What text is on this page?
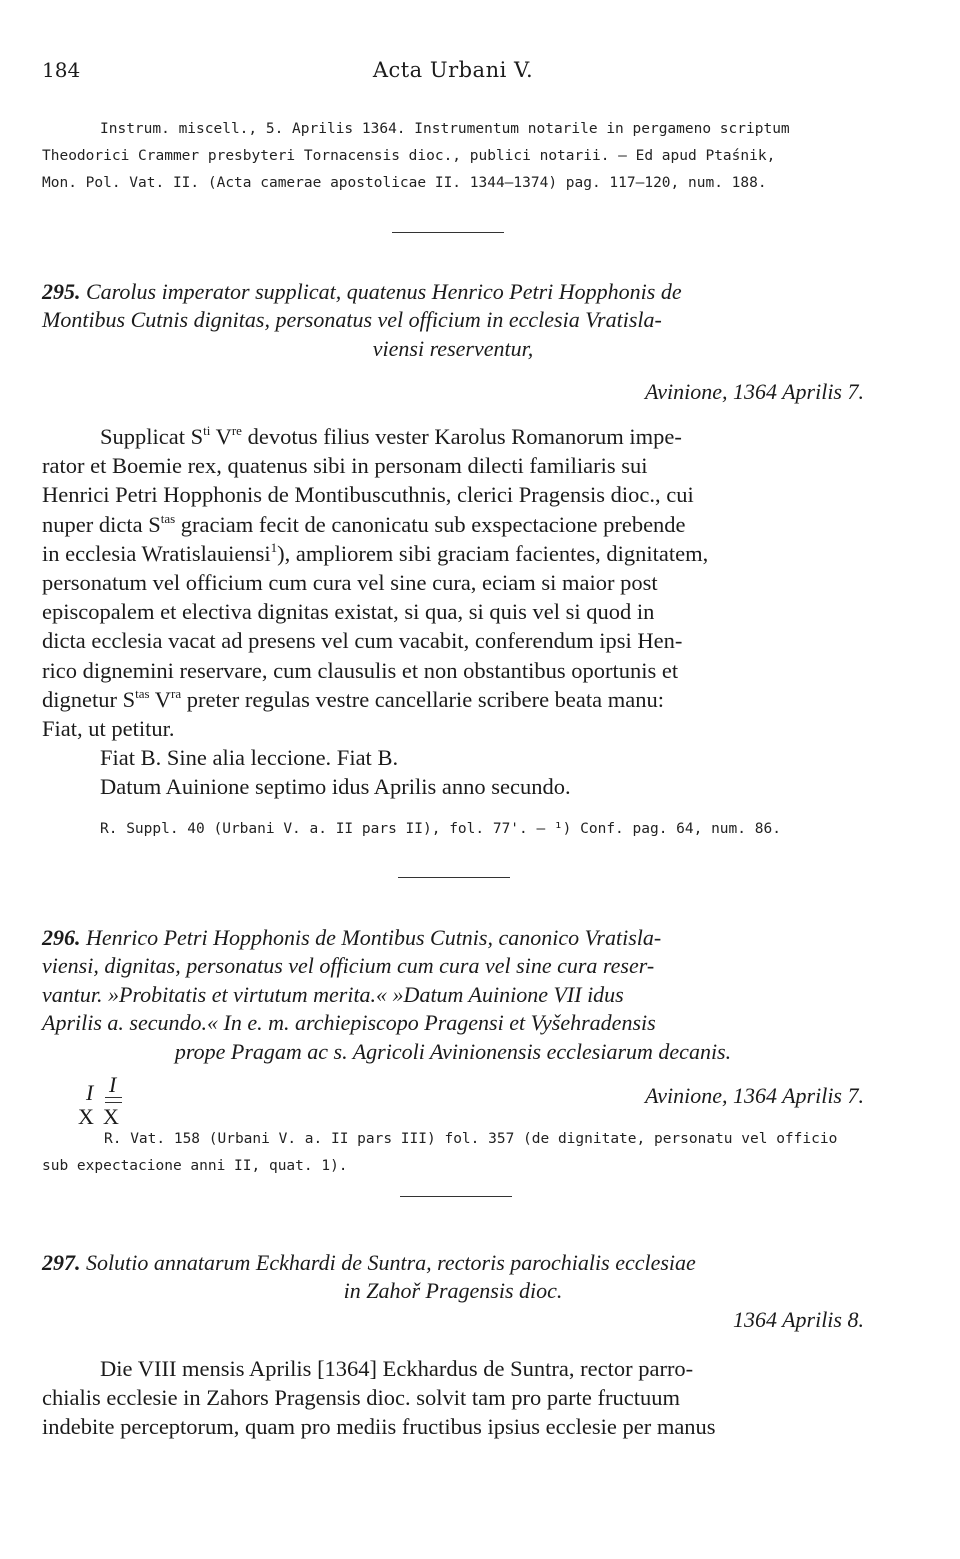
184	Acta Urbani V.
Instrum. miscell., 5. Aprilis 1364. Instrumentum notarile in pergameno scriptum
Theodorici Crammer presbyteri Tornacensis dioc., publici notarii. — Ed apud Ptaśnik,
Mon. Pol. Vat. II. (Acta camerae apostolicae II. 1344—1374) pag. 117—120, num. 188.
295. Carolus imperator supplicat, quatenus Henrico Petri Hopphonis de
Montibus Cutnis dignitas, personatus vel officium in ecclesia Vratisla-
viensi reserventur,
Avinione, 1364 Aprilis 7.
Supplicat $S^{ti}$ Vre devotus filius vester Karolus Romanorum impe-
rator et Boemie rex, quatenus sibi in personam dilecti familiaris sui
Henrici Petri Hopphonis de Montibuscuthnis, clerici Pragensis dioc., cui
nuper dicta $S^{tas}$ graciam fecit de canonicatu sub exspectacione prebende
in ecclesia Wratislauiensi$^1$), ampliorem sibi graciam facientes, dignitatem,
personatum vel officium cum cura vel sine cura, eciam si maior post
episcopalem et electiva dignitas existat, si qua, si quis vel si quod in
dicta ecclesia vacat ad presens vel cum vacabit, conferendum ipsi Hen-
rico dignemini reservare, cum clausulis et non obstantibus oportunis et
dignetur $S^{tas}$ $V^{ra}$ preter regulas vestre cancellarie scribere beata manu:
Fiat, ut petitur.
Fiat B. Sine alia leccione. Fiat B.
Datum Auinione septimo idus Aprilis anno secundo.
R. Suppl. 40 (Urbani V. a. II pars II), fol. 77'. — ¹) Conf. pag. 64, num. 86.
296. Henrico Petri Hopphonis de Montibus Cutnis, canonico Vratisla-
viensi, dignitas, personatus vel officium cum cura vel sine cura reser-
vantur. »Probitatis et virtutum merita.« »Datum Auinione VII idus
Aprilis a. secundo.« In e. m. archiepiscopo Pragensi et Vyšehradensis
prope Pragam ac s. Agricoli Avinionensis ecclesiarum decanis.
I I
X X
Avinione, 1364 Aprilis 7.
R. Vat. 158 (Urbani V. a. II pars III) fol. 357 (de dignitate, personatu vel officio
sub expectacione anni II, quat. 1).
297. Solutio annatarum Eckhardi de Suntra, rectoris parochialis ecclesiae
in Zahoř Pragensis dioc.
1364 Aprilis 8.
Die VIII mensis Aprilis [1364] Eckhardus de Suntra, rector parro-
chialis ecclesie in Zahors Pragensis dioc. solvit tam pro parte fructuum
indebite perceptorum, quam pro mediis fructibus ipsius ecclesie per manus
